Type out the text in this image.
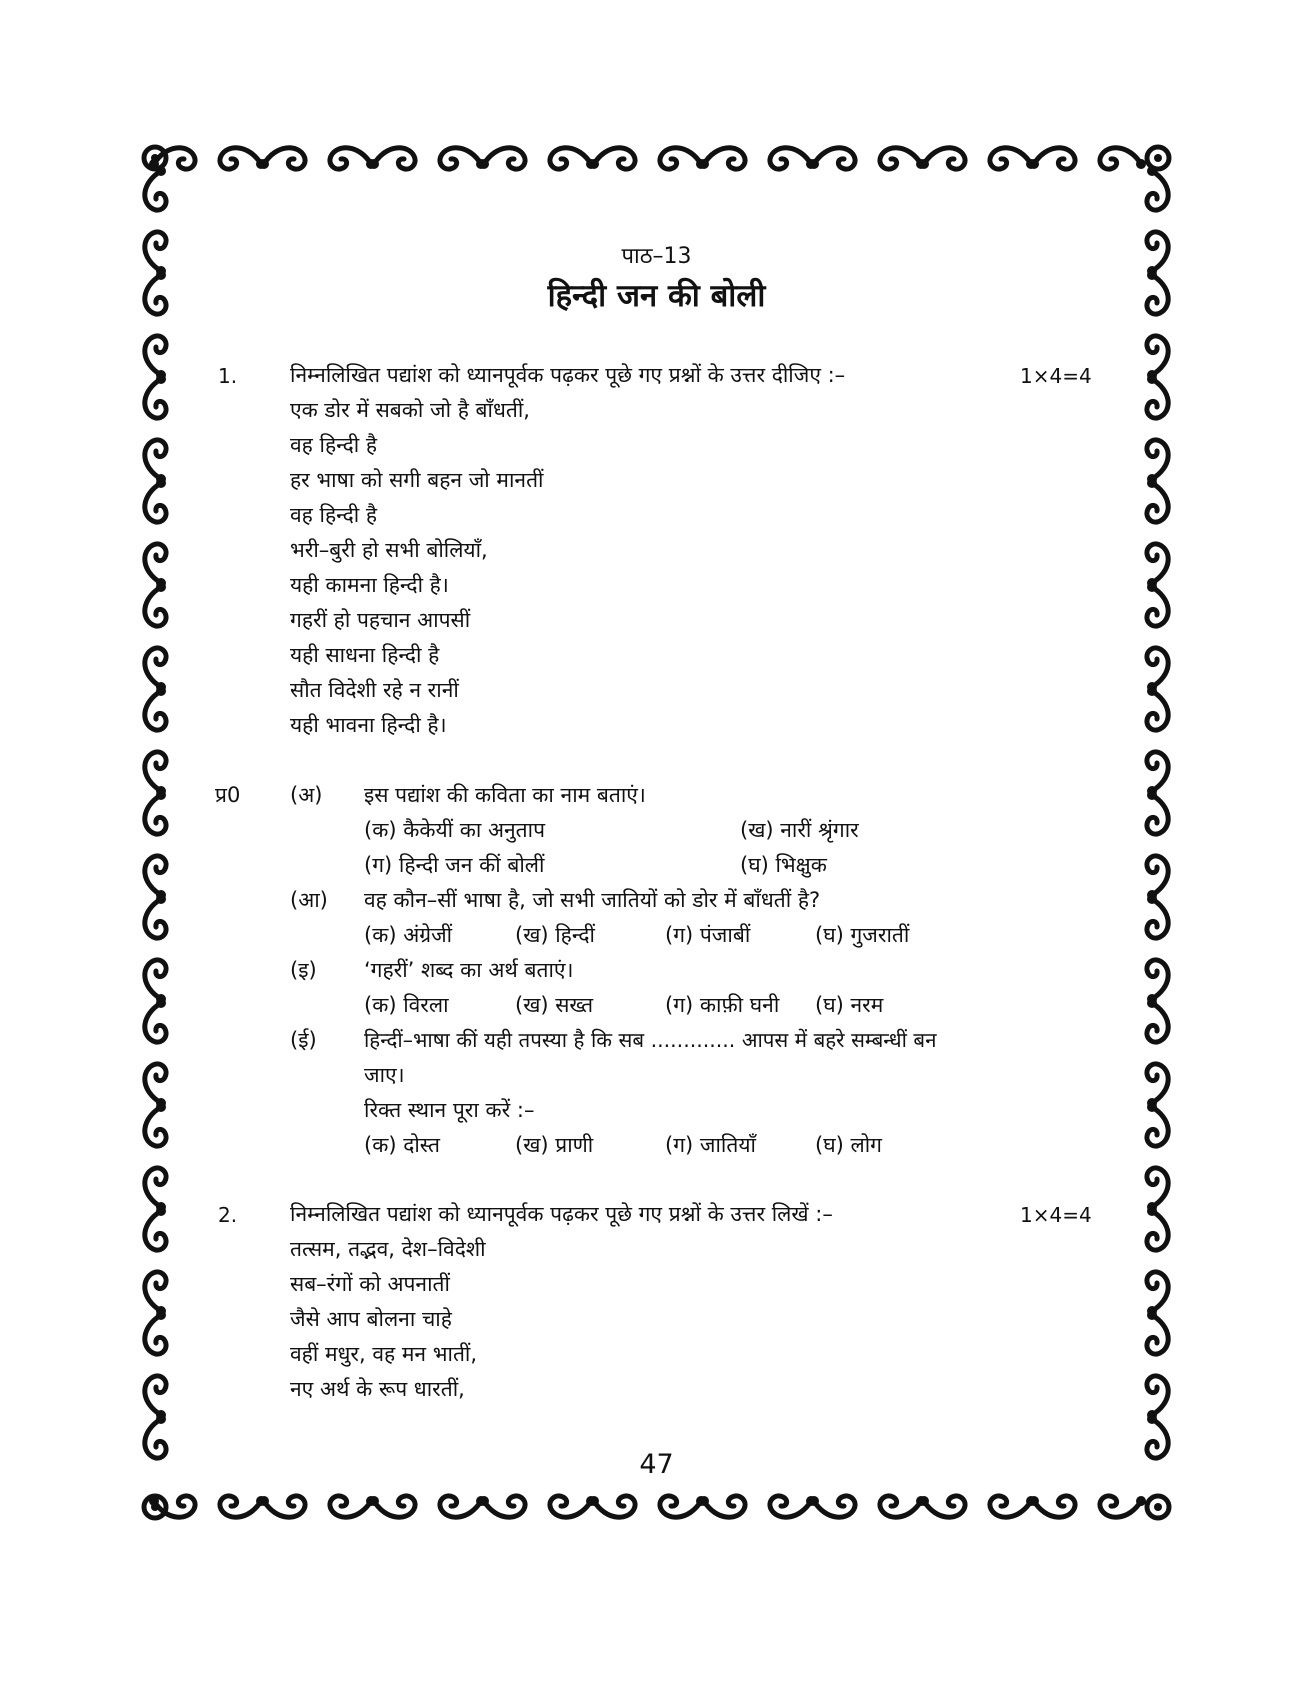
पाठ–13
हिन्दी जन की बोली
1.	निम्नलिखित पद्यांश को ध्यानपूर्वक पढ़कर पूछे गए प्रश्नों के उत्तर दीजिए :–	1×4=4
एक डोर में सबको जो है बाँधतीं,
वह हिन्दी है
हर भाषा को सगी बहन जो मानतीं
वह हिन्दी है
भरी–बुरी हो सभी बोलियाँ,
यही कामना हिन्दी है।
गहरीं हो पहचान आपसीं
यही साधना हिन्दी है
सौत विदेशी रहे न रानीं
यही भावना हिन्दी है।
प्र0 (अ) इस पद्यांश की कविता का नाम बताएं।
(क) कैकेयीं का अनुताप	(ख) नारीं श्रृंगार
(ग) हिन्दी जन कीं बोलीं	(घ) भिक्षुक
(आ) वह कौन–सीं भाषा है, जो सभी जातियों को डोर में बाँधतीं है?
(क) अंग्रेजीं	(ख) हिन्दीं	(ग) पंजाबीं	(घ) गुजरातीं
(इ) ‘गहरीं’ शब्द का अर्थ बताएं।
(क) विरला	(ख) सख्त	(ग) काफ़ी घनी (घ) नरम
(ई) हिन्दीं–भाषा कीं यही तपस्या है कि सब ............. आपस में बहरे सम्बन्धीं बन
जाए।
रिक्त स्थान पूरा करें :–
(क) दोस्त	(ख) प्राणी	(ग) जातियाँ	(घ) लोग
2.	निम्नलिखित पद्यांश को ध्यानपूर्वक पढ़कर पूछे गए प्रश्नों के उत्तर लिखें :–	1×4=4
तत्सम, तद्भव, देश–विदेशी
सब–रंगों को अपनातीं
जैसे आप बोलना चाहे
वहीं मधुर, वह मन भातीं,
नए अर्थ के रूप धारतीं,
47
